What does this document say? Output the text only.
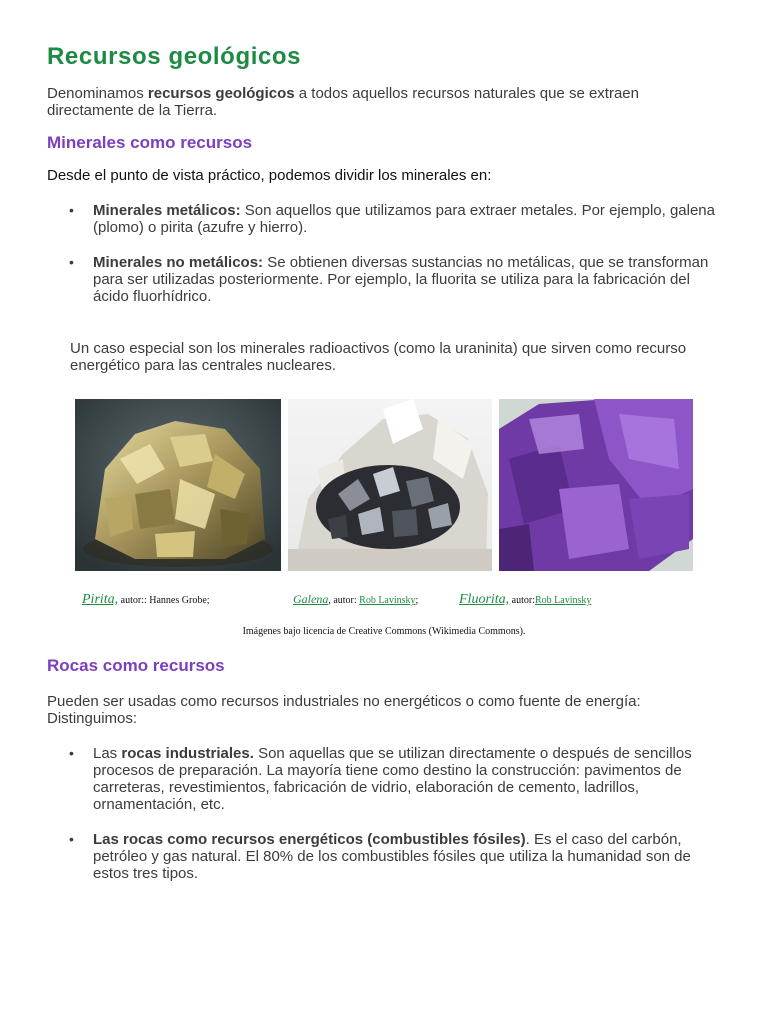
Recursos geológicos

Denominamos recursos geológicos a todos aquellos recursos naturales que se extraen directamente de la Tierra.

Minerales como recursos

Desde el punto de vista práctico, podemos dividir los minerales en:

• Minerales metálicos: Son aquellos que utilizamos para extraer metales. Por ejemplo, galena (plomo) o pirita (azufre y hierro).
• Minerales no metálicos: Se obtienen diversas sustancias no metálicas, que se transforman para ser utilizadas posteriormente. Por ejemplo, la fluorita se utiliza para la fabricación del ácido fluorhídrico.

Un caso especial son los minerales radioactivos (como la uraninita) que sirven como recurso energético para las centrales nucleares.

Pirita, autor:: Hannes Grobe;	Galena, autor: Rob Lavinsky;	Fluorita, autor:Rob Lavinsky
Imágenes bajo licencia de Creative Commons (Wikimedia Commons).
Rocas como recursos

Pueden ser usadas como recursos industriales no energéticos o como fuente de energía: Distinguimos:

• Las rocas industriales. Son aquellas que se utilizan directamente o después de sencillos procesos de preparación. La mayoría tiene como destino la construcción: pavimentos de carreteras, revestimientos, fabricación de vidrio, elaboración de cemento, ladrillos, ornamentación, etc.
• Las rocas como recursos energéticos (combustibles fósiles). Es el caso del carbón, petróleo y gas natural. El 80% de los combustibles fósiles que utiliza la humanidad son de estos tres tipos.
